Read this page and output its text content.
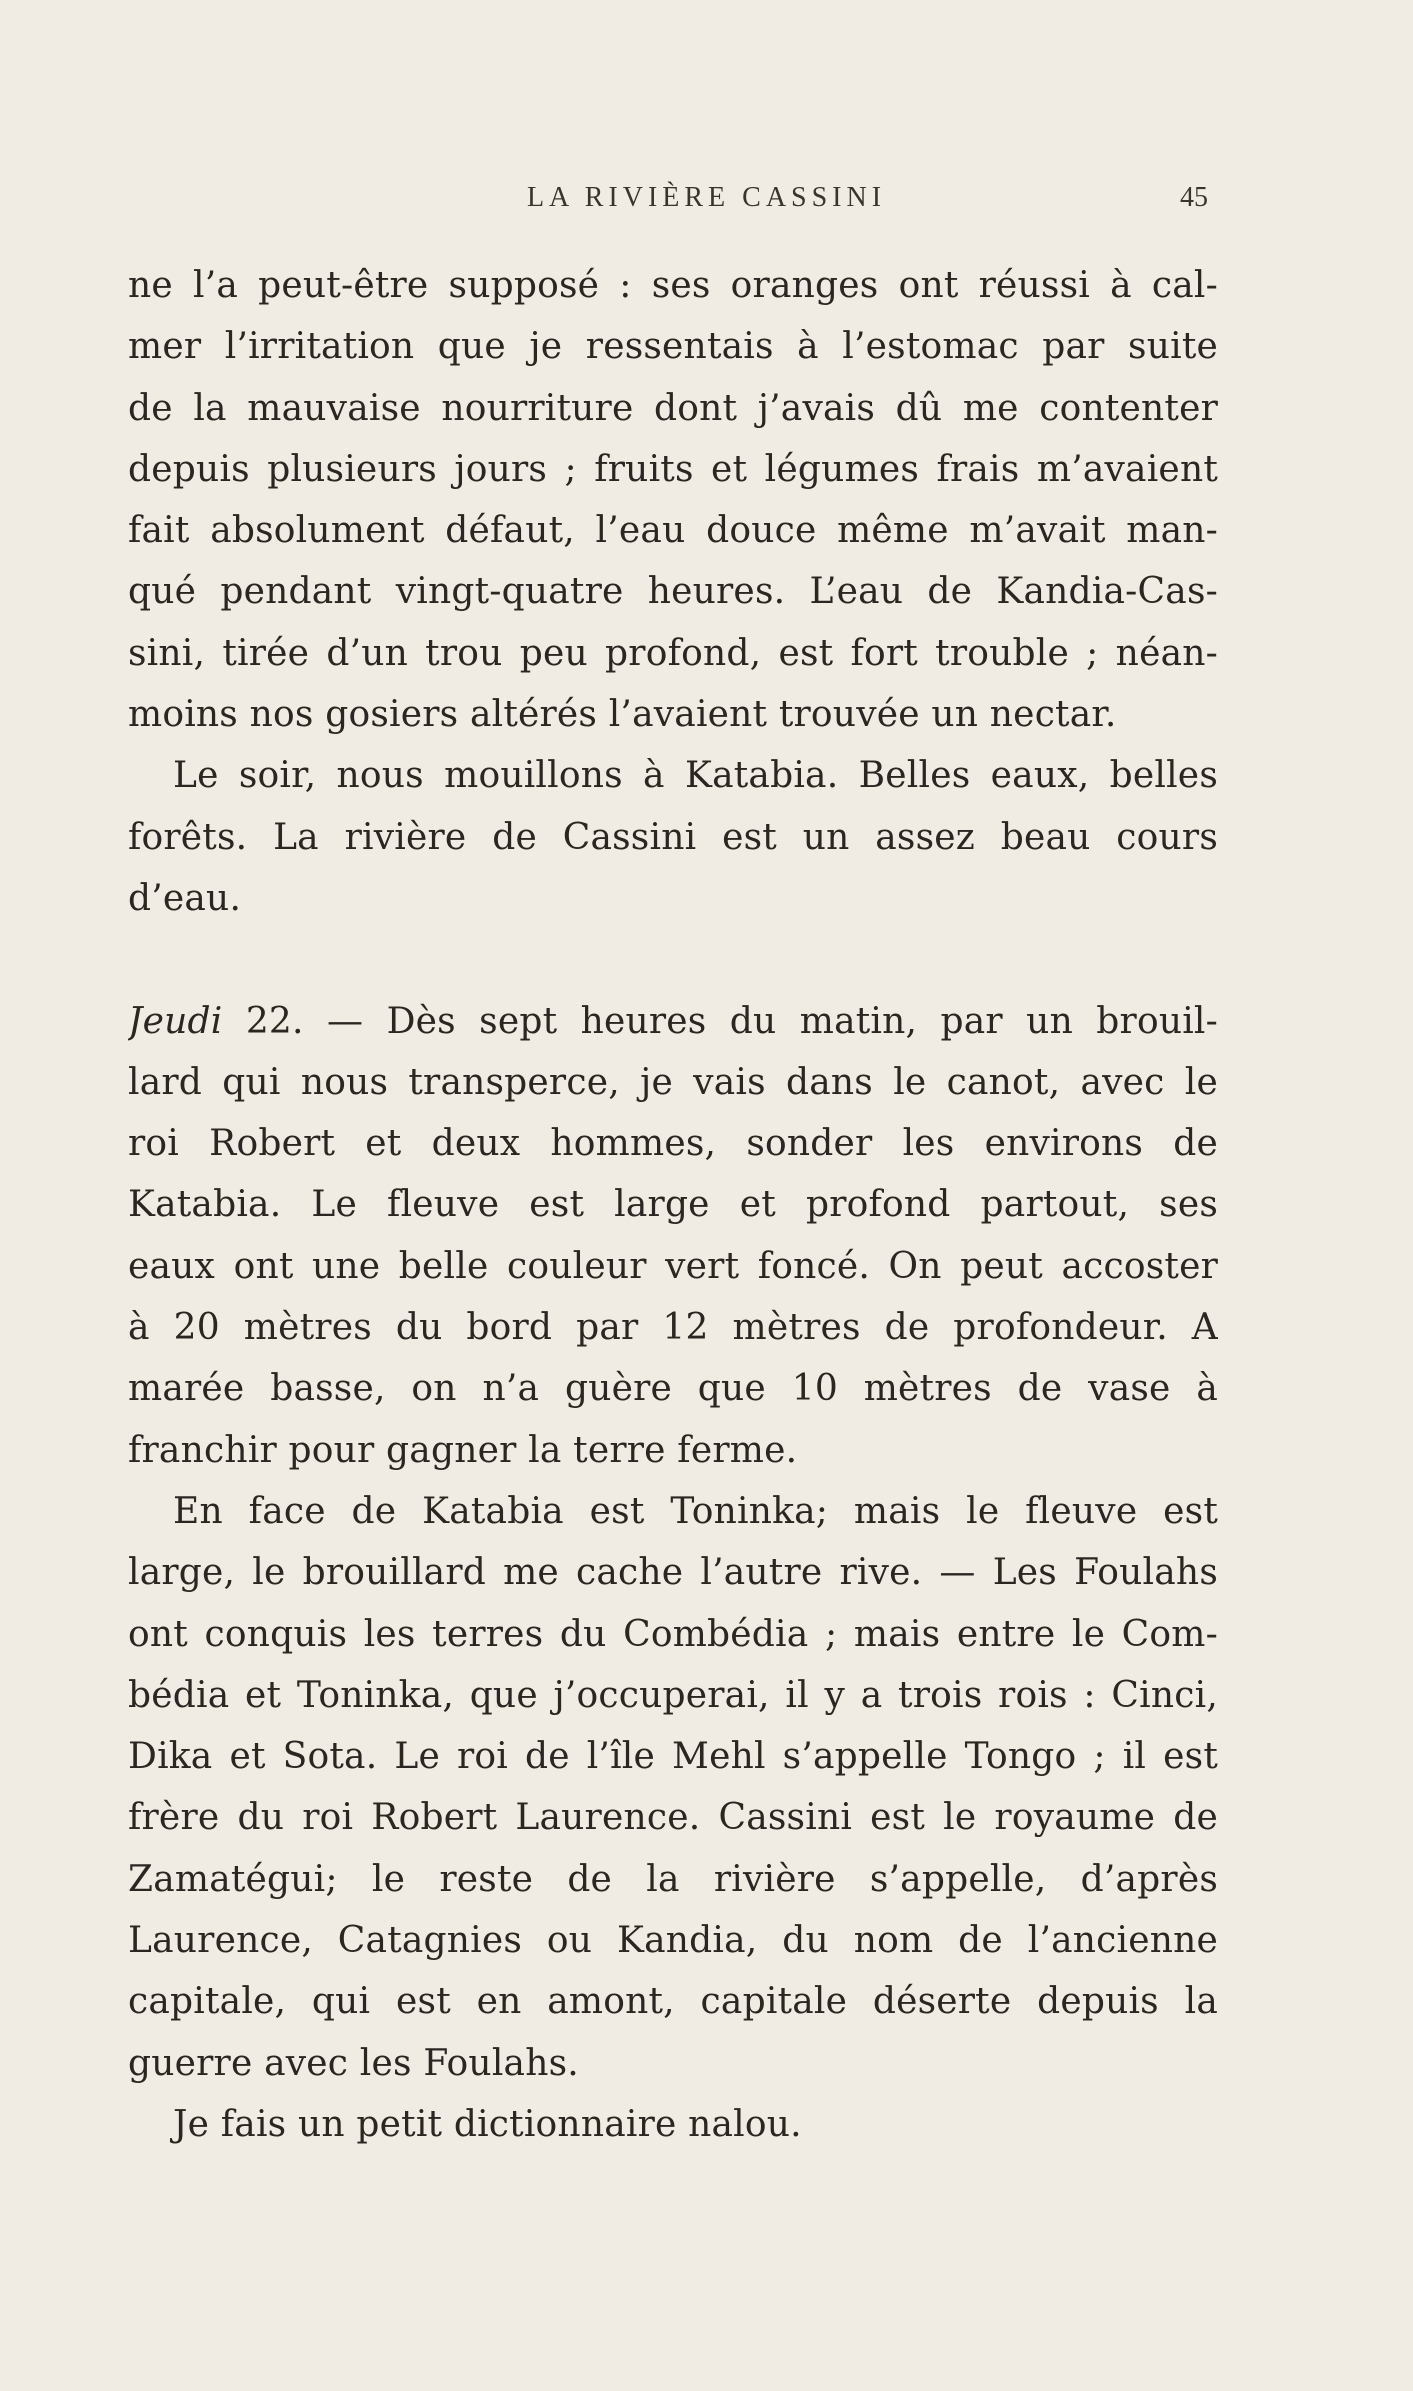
LA RIVIÈRE CASSINI	45
ne l’a peut-être supposé : ses oranges ont réussi à cal-
mer l’irritation que je ressentais à l’estomac par suite
de la mauvaise nourriture dont j’avais dû me contenter
depuis plusieurs jours ; fruits et légumes frais m’avaient
fait absolument défaut, l’eau douce même m’avait man-
qué pendant vingt-quatre heures. L’eau de Kandia-Cas-
sini, tirée d’un trou peu profond, est fort trouble ; néan-
moins nos gosiers altérés l’avaient trouvée un nectar.
Le soir, nous mouillons à Katabia. Belles eaux, belles
forêts. La rivière de Cassini est un assez beau cours
d’eau.
Jeudi 22. — Dès sept heures du matin, par un brouil-
lard qui nous transperce, je vais dans le canot, avec le
roi Robert et deux hommes, sonder les environs de
Katabia. Le fleuve est large et profond partout, ses
eaux ont une belle couleur vert foncé. On peut accoster
à 20 mètres du bord par 12 mètres de profondeur. A
marée basse, on n’a guère que 10 mètres de vase à
franchir pour gagner la terre ferme.
En face de Katabia est Toninka; mais le fleuve est
large, le brouillard me cache l’autre rive. — Les Foulahs
ont conquis les terres du Combédia ; mais entre le Com-
bédia et Toninka, que j’occuperai, il y a trois rois : Cinci,
Dika et Sota. Le roi de l’île Mehl s’appelle Tongo ; il est
frère du roi Robert Laurence. Cassini est le royaume de
Zamatégui; le reste de la rivière s’appelle, d’après
Laurence, Catagnies ou Kandia, du nom de l’ancienne
capitale, qui est en amont, capitale déserte depuis la
guerre avec les Foulahs.
Je fais un petit dictionnaire nalou.
